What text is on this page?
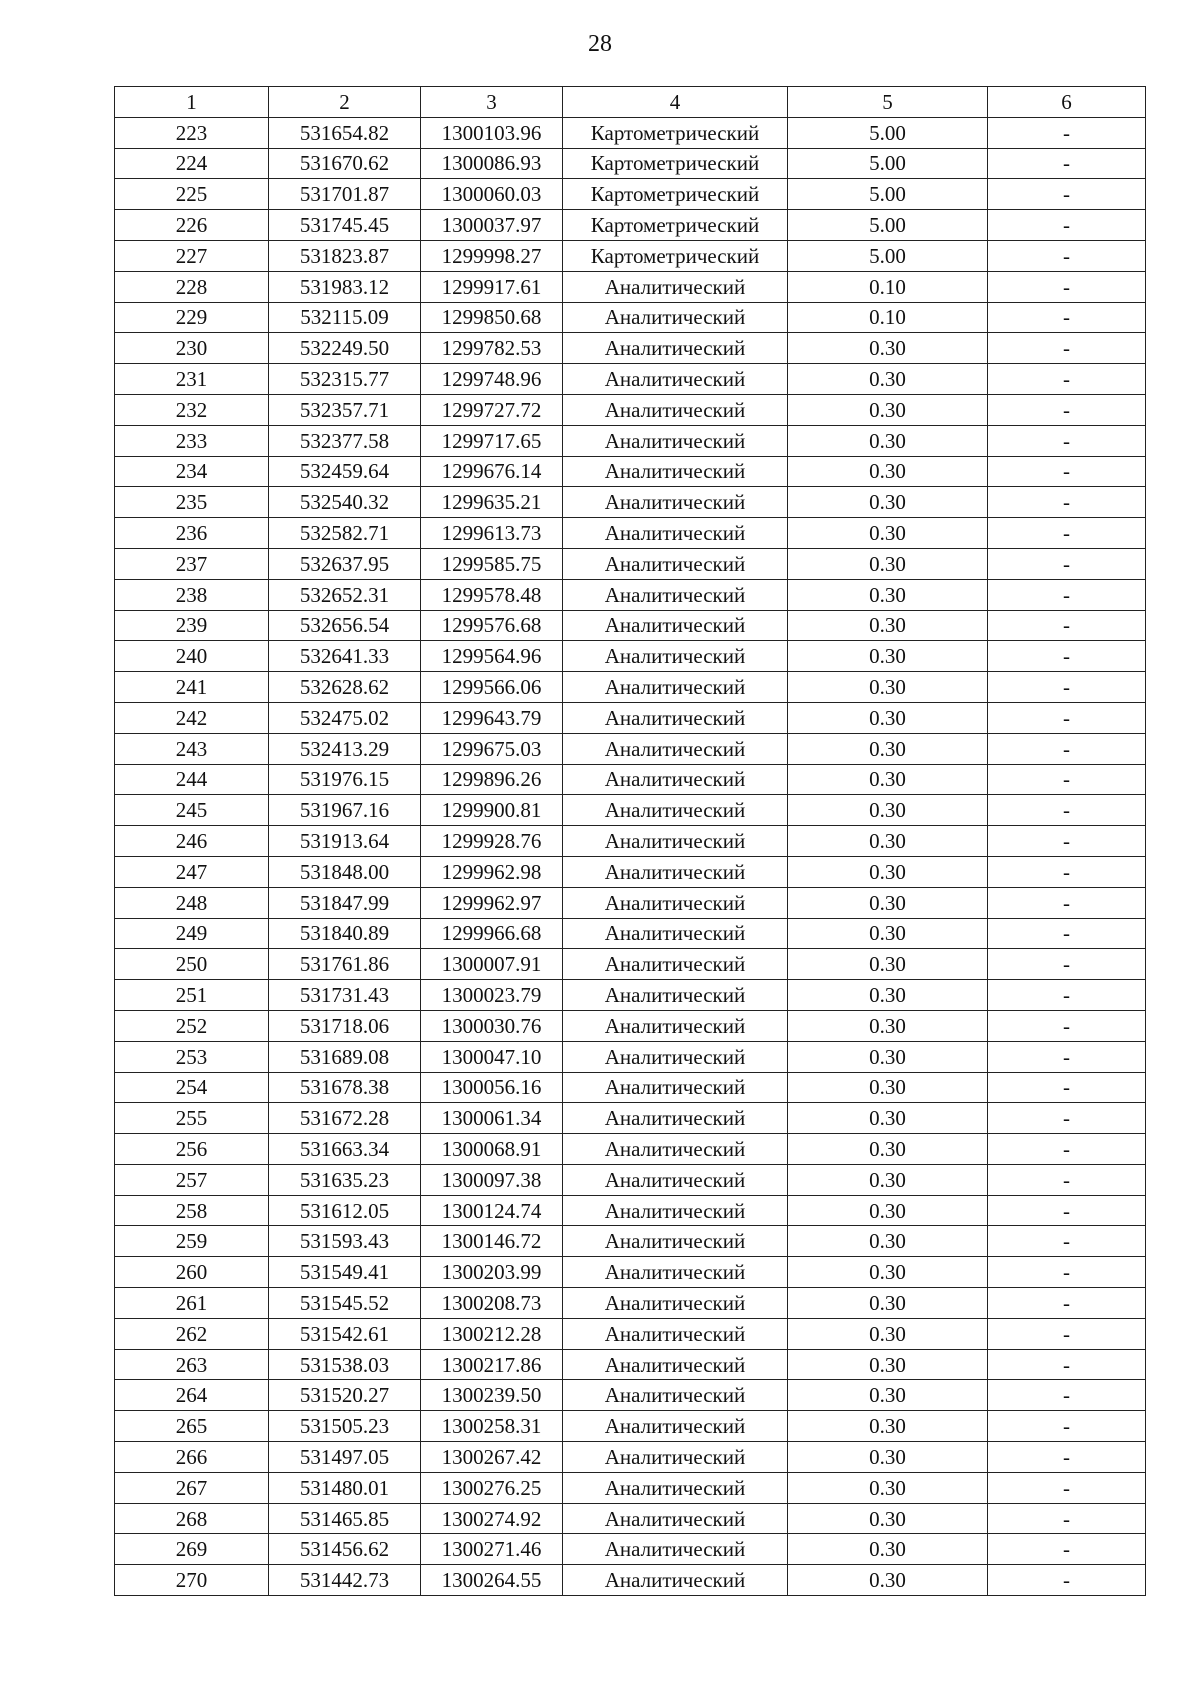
28
1	2	3	4	5	6
223	531654.82	1300103.96	Картометрический	5.00	-
224	531670.62	1300086.93	Картометрический	5.00	-
225	531701.87	1300060.03	Картометрический	5.00	-
226	531745.45	1300037.97	Картометрический	5.00	-
227	531823.87	1299998.27	Картометрический	5.00	-
228	531983.12	1299917.61	Аналитический	0.10	-
229	532115.09	1299850.68	Аналитический	0.10	-
230	532249.50	1299782.53	Аналитический	0.30	-
231	532315.77	1299748.96	Аналитический	0.30	-
232	532357.71	1299727.72	Аналитический	0.30	-
233	532377.58	1299717.65	Аналитический	0.30	-
234	532459.64	1299676.14	Аналитический	0.30	-
235	532540.32	1299635.21	Аналитический	0.30	-
236	532582.71	1299613.73	Аналитический	0.30	-
237	532637.95	1299585.75	Аналитический	0.30	-
238	532652.31	1299578.48	Аналитический	0.30	-
239	532656.54	1299576.68	Аналитический	0.30	-
240	532641.33	1299564.96	Аналитический	0.30	-
241	532628.62	1299566.06	Аналитический	0.30	-
242	532475.02	1299643.79	Аналитический	0.30	-
243	532413.29	1299675.03	Аналитический	0.30	-
244	531976.15	1299896.26	Аналитический	0.30	-
245	531967.16	1299900.81	Аналитический	0.30	-
246	531913.64	1299928.76	Аналитический	0.30	-
247	531848.00	1299962.98	Аналитический	0.30	-
248	531847.99	1299962.97	Аналитический	0.30	-
249	531840.89	1299966.68	Аналитический	0.30	-
250	531761.86	1300007.91	Аналитический	0.30	-
251	531731.43	1300023.79	Аналитический	0.30	-
252	531718.06	1300030.76	Аналитический	0.30	-
253	531689.08	1300047.10	Аналитический	0.30	-
254	531678.38	1300056.16	Аналитический	0.30	-
255	531672.28	1300061.34	Аналитический	0.30	-
256	531663.34	1300068.91	Аналитический	0.30	-
257	531635.23	1300097.38	Аналитический	0.30	-
258	531612.05	1300124.74	Аналитический	0.30	-
259	531593.43	1300146.72	Аналитический	0.30	-
260	531549.41	1300203.99	Аналитический	0.30	-
261	531545.52	1300208.73	Аналитический	0.30	-
262	531542.61	1300212.28	Аналитический	0.30	-
263	531538.03	1300217.86	Аналитический	0.30	-
264	531520.27	1300239.50	Аналитический	0.30	-
265	531505.23	1300258.31	Аналитический	0.30	-
266	531497.05	1300267.42	Аналитический	0.30	-
267	531480.01	1300276.25	Аналитический	0.30	-
268	531465.85	1300274.92	Аналитический	0.30	-
269	531456.62	1300271.46	Аналитический	0.30	-
270	531442.73	1300264.55	Аналитический	0.30	-
